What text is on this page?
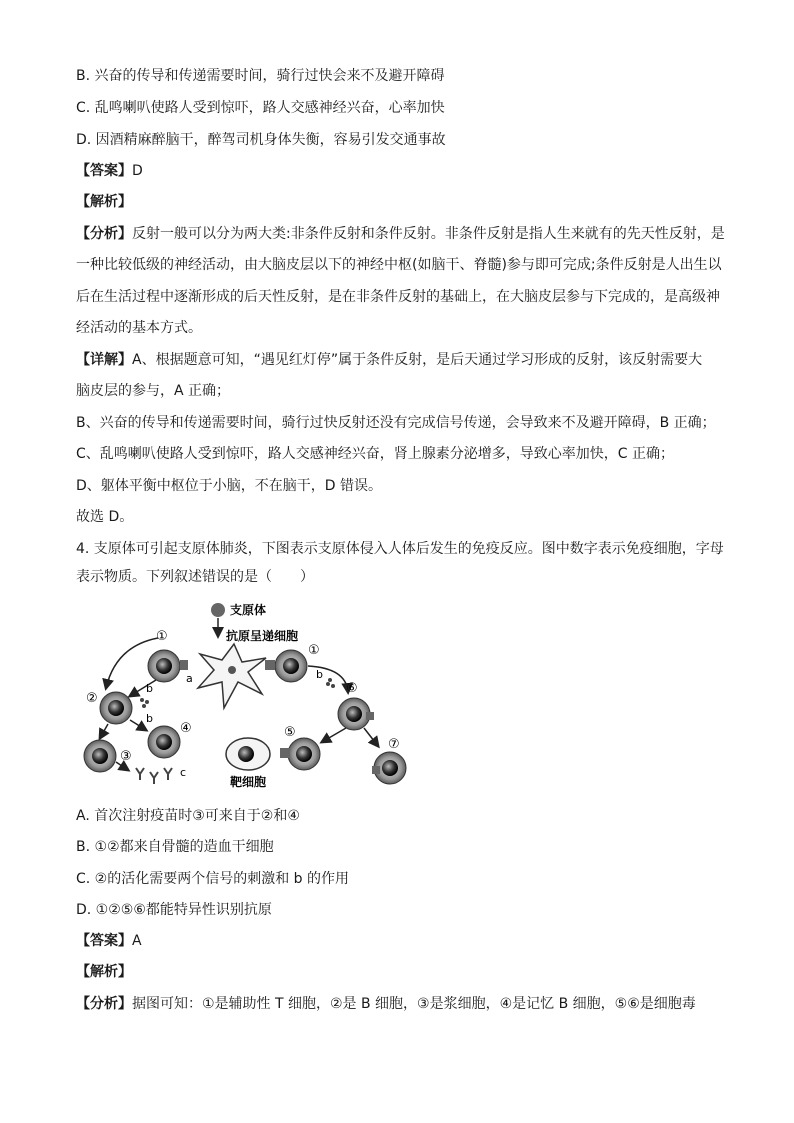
B. 兴奋的传导和传递需要时间，骑行过快会来不及避开障碍
C. 乱鸣喇叭使路人受到惊吓，路人交感神经兴奋，心率加快
D. 因酒精麻醉脑干，醉驾司机身体失衡，容易引发交通事故
【答案】D
【解析】
【分析】反射一般可以分为两大类:非条件反射和条件反射。非条件反射是指人生来就有的先天性反射，是
一种比较低级的神经活动，由大脑皮层以下的神经中枢(如脑干、脊髓)参与即可完成;条件反射是人出生以
后在生活过程中逐渐形成的后天性反射，是在非条件反射的基础上，在大脑皮层参与下完成的，是高级神
经活动的基本方式。
【详解】A、根据题意可知，“遇见红灯停”属于条件反射，是后天通过学习形成的反射，该反射需要大
脑皮层的参与，A 正确；
B、兴奋的传导和传递需要时间，骑行过快反射还没有完成信号传递，会导致来不及避开障碍，B 正确；
C、乱鸣喇叭使路人受到惊吓，路人交感神经兴奋，肾上腺素分泌增多，导致心率加快，C 正确；
D、躯体平衡中枢位于小脑，不在脑干，D 错误。
故选 D。
4. 支原体可引起支原体肺炎，下图表示支原体侵入人体后发生的免疫反应。图中数字表示免疫细胞，字母
表示物质。下列叙述错误的是（　　）
支原体
抗原呈递细胞
①
a
①
b
②
b
b
⑥
④
③
c
⑤
靶细胞
⑦
A. 首次注射疫苗时③可来自于②和④
B. ①②都来自骨髓的造血干细胞
C. ②的活化需要两个信号的刺激和 b 的作用
D. ①②⑤⑥都能特异性识别抗原
【答案】A
【解析】
【分析】据图可知：①是辅助性 T 细胞，②是 B 细胞，③是浆细胞，④是记忆 B 细胞，⑤⑥是细胞毒
